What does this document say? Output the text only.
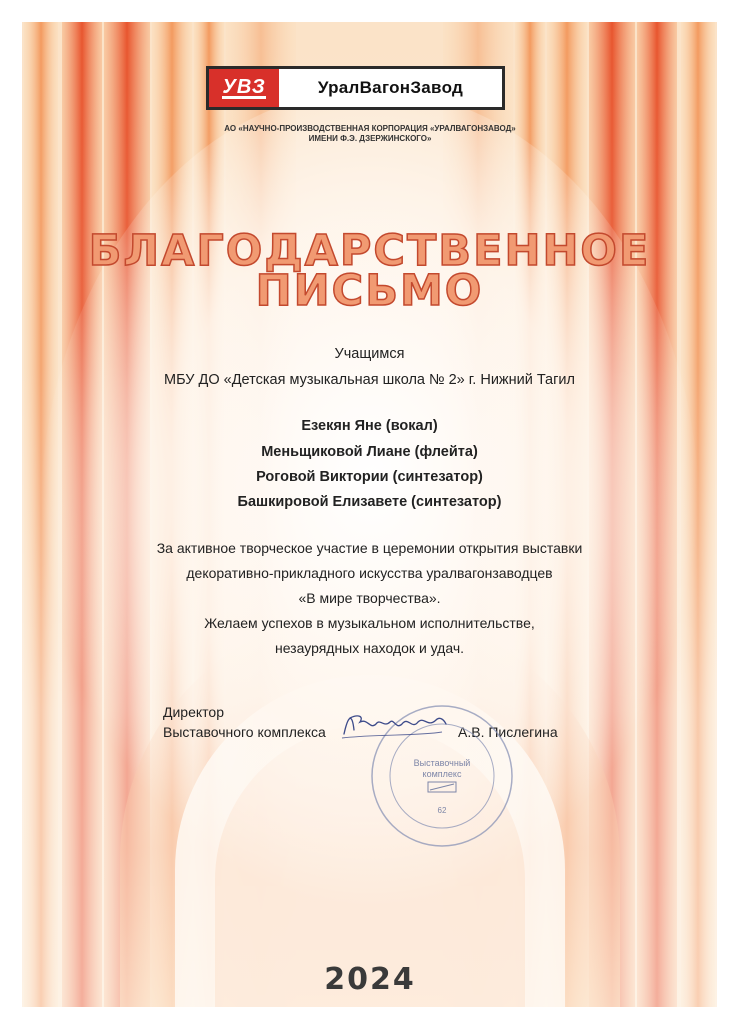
УВЗ	УралВагонЗавод
АО «НАУЧНО-ПРОИЗВОДСТВЕННАЯ КОРПОРАЦИЯ «УРАЛВАГОНЗАВОД»
ИМЕНИ Ф.Э. ДЗЕРЖИНСКОГО»
БЛАГОДАРСТВЕННОЕ
ПИСЬМО
Учащимся
МБУ ДО «Детская музыкальная школа № 2» г. Нижний Тагил
Езекян Яне (вокал)
Меньщиковой Лиане (флейта)
Роговой Виктории (синтезатор)
Башкировой Елизавете (синтезатор)
За активное творческое участие в церемонии открытия выставки
декоративно-прикладного искусства уралвагонзаводцев
«В мире творчества».
Желаем успехов в музыкальном исполнительстве,
незаурядных находок и удач.
Директор
Выставочного комплекса	А.В. Пислегина
Выставочный
комплекс
62
2024
